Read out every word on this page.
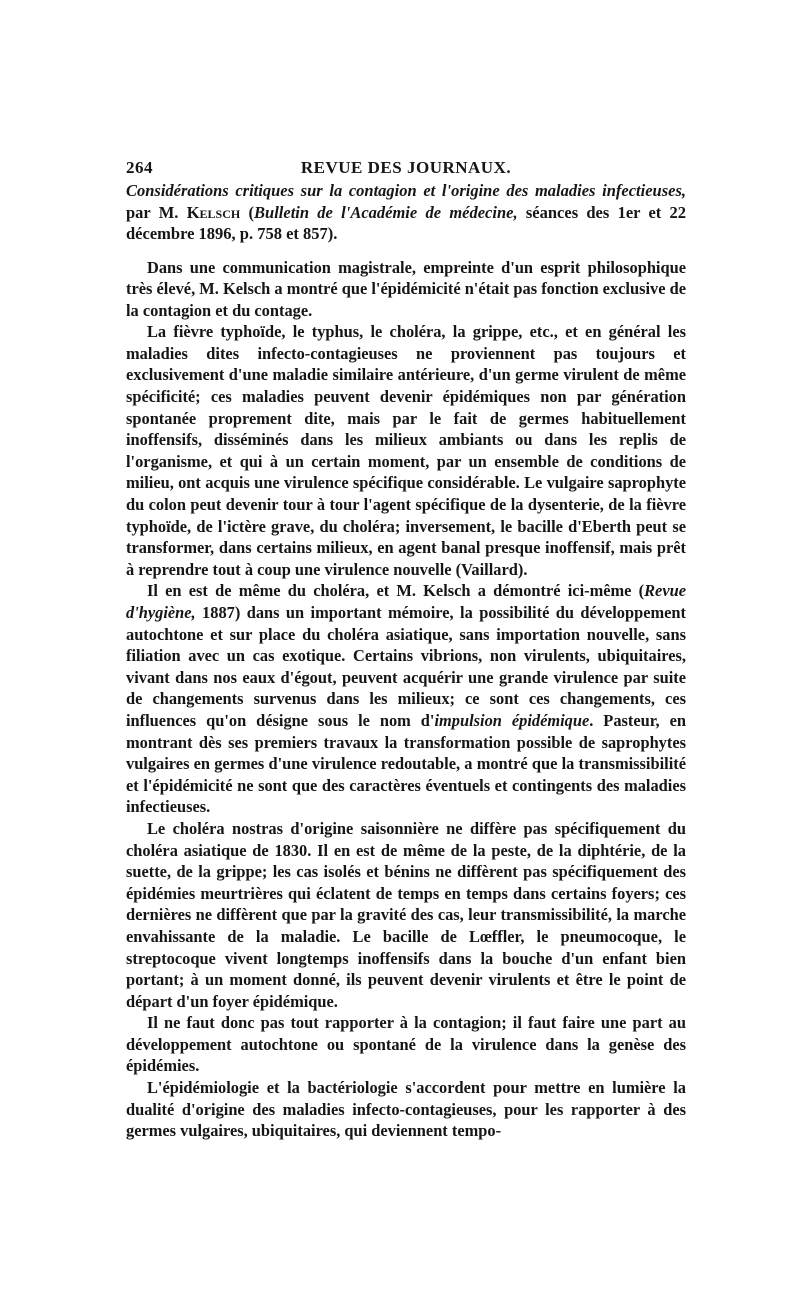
264	REVUE DES JOURNAUX.
Considérations critiques sur la contagion et l'origine des maladies infectieuses, par M. Kelsch (Bulletin de l'Académie de médecine, séances des 1er et 22 décembre 1896, p. 758 et 857).

Dans une communication magistrale, empreinte d'un esprit philosophique très élevé, M. Kelsch a montré que l'épidémicité n'était pas fonction exclusive de la contagion et du contage.

La fièvre typhoïde, le typhus, le choléra, la grippe, etc., et en général les maladies dites infecto-contagieuses ne proviennent pas toujours et exclusivement d'une maladie similaire antérieure, d'un germe virulent de même spécificité; ces maladies peuvent devenir épidémiques non par génération spontanée proprement dite, mais par le fait de germes habituellement inoffensifs, disséminés dans les milieux ambiants ou dans les replis de l'organisme, et qui à un certain moment, par un ensemble de conditions de milieu, ont acquis une virulence spécifique considérable. Le vulgaire saprophyte du colon peut devenir tour à tour l'agent spécifique de la dysenterie, de la fièvre typhoïde, de l'ictère grave, du choléra; inversement, le bacille d'Eberth peut se transformer, dans certains milieux, en agent banal presque inoffensif, mais prêt à reprendre tout à coup une virulence nouvelle (Vaillard).

Il en est de même du choléra, et M. Kelsch a démontré ici-même (Revue d'hygiène, 1887) dans un important mémoire, la possibilité du développement autochtone et sur place du choléra asiatique, sans importation nouvelle, sans filiation avec un cas exotique. Certains vibrions, non virulents, ubiquitaires, vivant dans nos eaux d'égout, peuvent acquérir une grande virulence par suite de changements survenus dans les milieux; ce sont ces changements, ces influences qu'on désigne sous le nom d'impulsion épidémique. Pasteur, en montrant dès ses premiers travaux la transformation possible de saprophytes vulgaires en germes d'une virulence redoutable, a montré que la transmissibilité et l'épidémicité ne sont que des caractères éventuels et contingents des maladies infectieuses.

Le choléra nostras d'origine saisonnière ne diffère pas spécifiquement du choléra asiatique de 1830. Il en est de même de la peste, de la diphtérie, de la suette, de la grippe; les cas isolés et bénins ne diffèrent pas spécifiquement des épidémies meurtrières qui éclatent de temps en temps dans certains foyers; ces dernières ne diffèrent que par la gravité des cas, leur transmissibilité, la marche envahissante de la maladie. Le bacille de Lœffler, le pneumocoque, le streptocoque vivent longtemps inoffensifs dans la bouche d'un enfant bien portant; à un moment donné, ils peuvent devenir virulents et être le point de départ d'un foyer épidémique.

Il ne faut donc pas tout rapporter à la contagion; il faut faire une part au développement autochtone ou spontané de la virulence dans la genèse des épidémies.

L'épidémiologie et la bactériologie s'accordent pour mettre en lumière la dualité d'origine des maladies infecto-contagieuses, pour les rapporter à des germes vulgaires, ubiquitaires, qui deviennent tempo-
